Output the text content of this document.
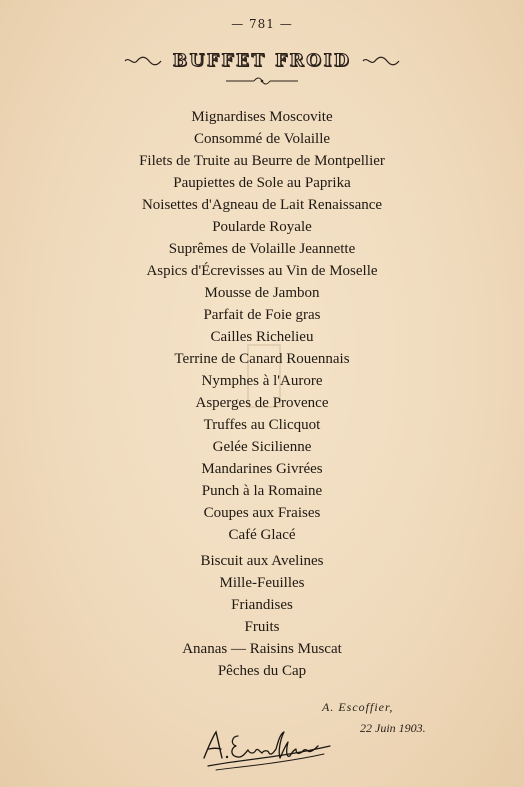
— 781 —
BUFFET FROID
Mignardises Moscovite
Consommé de Volaille
Filets de Truite au Beurre de Montpellier
Paupiettes de Sole au Paprika
Noisettes d'Agneau de Lait Renaissance
Poularde Royale
Suprêmes de Volaille Jeannette
Aspics d'Écrevisses au Vin de Moselle
Mousse de Jambon
Parfait de Foie gras
Cailles Richelieu
Terrine de Canard Rouennais
Nymphes à l'Aurore
Asperges de Provence
Truffes au Clicquot
Gelée Sicilienne
Mandarines Givrées
Punch à la Romaine
Coupes aux Fraises
Café Glacé
Biscuit aux Avelines
Mille-Feuilles
Friandises
Fruits
Ananas — Raisins Muscat
Pêches du Cap
A. Escoffier,
22 Juin 1903.
